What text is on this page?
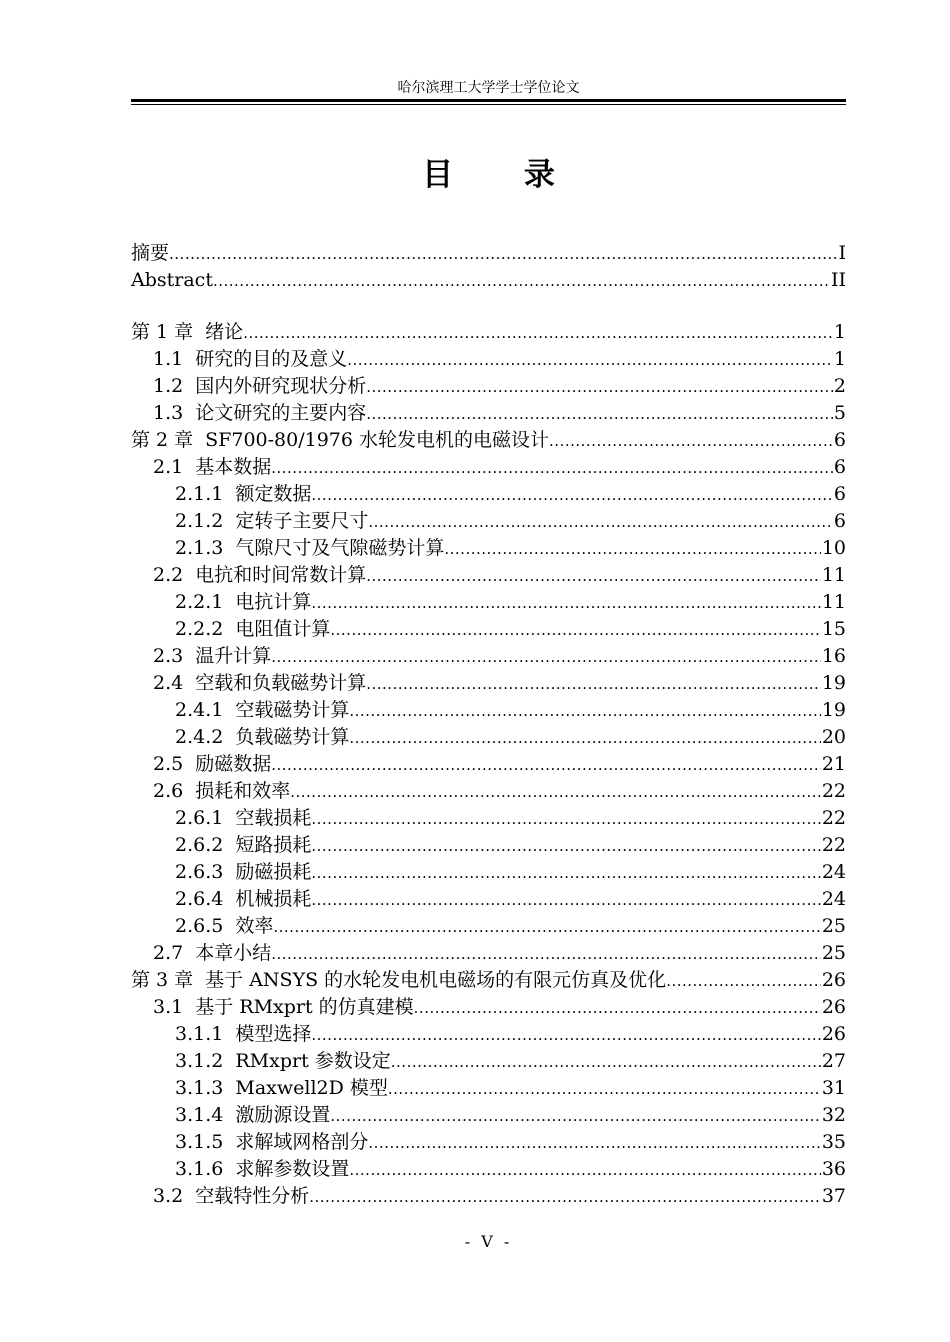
哈尔滨理工大学学士学位论文
目 录
摘要 .....	I
Abstract .....	II
第 1 章 绪论 .....	1
1.1 研究的目的及意义 .....	1
1.2 国内外研究现状分析 .....	2
1.3 论文研究的主要内容 .....	5
第 2 章 SF700-80/1976 水轮发电机的电磁设计 .....	6
2.1 基本数据 .....	6
2.1.1 额定数据 .....	6
2.1.2 定转子主要尺寸 .....	6
2.1.3 气隙尺寸及气隙磁势计算 .....	10
2.2 电抗和时间常数计算 .....	11
2.2.1 电抗计算 .....	11
2.2.2 电阻值计算 .....	15
2.3 温升计算 .....	16
2.4 空载和负载磁势计算 .....	19
2.4.1 空载磁势计算 .....	19
2.4.2 负载磁势计算 .....	20
2.5 励磁数据 .....	21
2.6 损耗和效率 .....	22
2.6.1 空载损耗 .....	22
2.6.2 短路损耗 .....	22
2.6.3 励磁损耗 .....	24
2.6.4 机械损耗 .....	24
2.6.5 效率 .....	25
2.7 本章小结 .....	25
第 3 章 基于 ANSYS 的水轮发电机电磁场的有限元仿真及优化 .....	26
3.1 基于 RMxprt 的仿真建模 .....	26
3.1.1 模型选择 .....	26
3.1.2 RMxprt 参数设定 .....	27
3.1.3 Maxwell2D 模型 .....	31
3.1.4 激励源设置 .....	32
3.1.5 求解域网格剖分 .....	35
3.1.6 求解参数设置 .....	36
3.2 空载特性分析 .....	37
- V -
